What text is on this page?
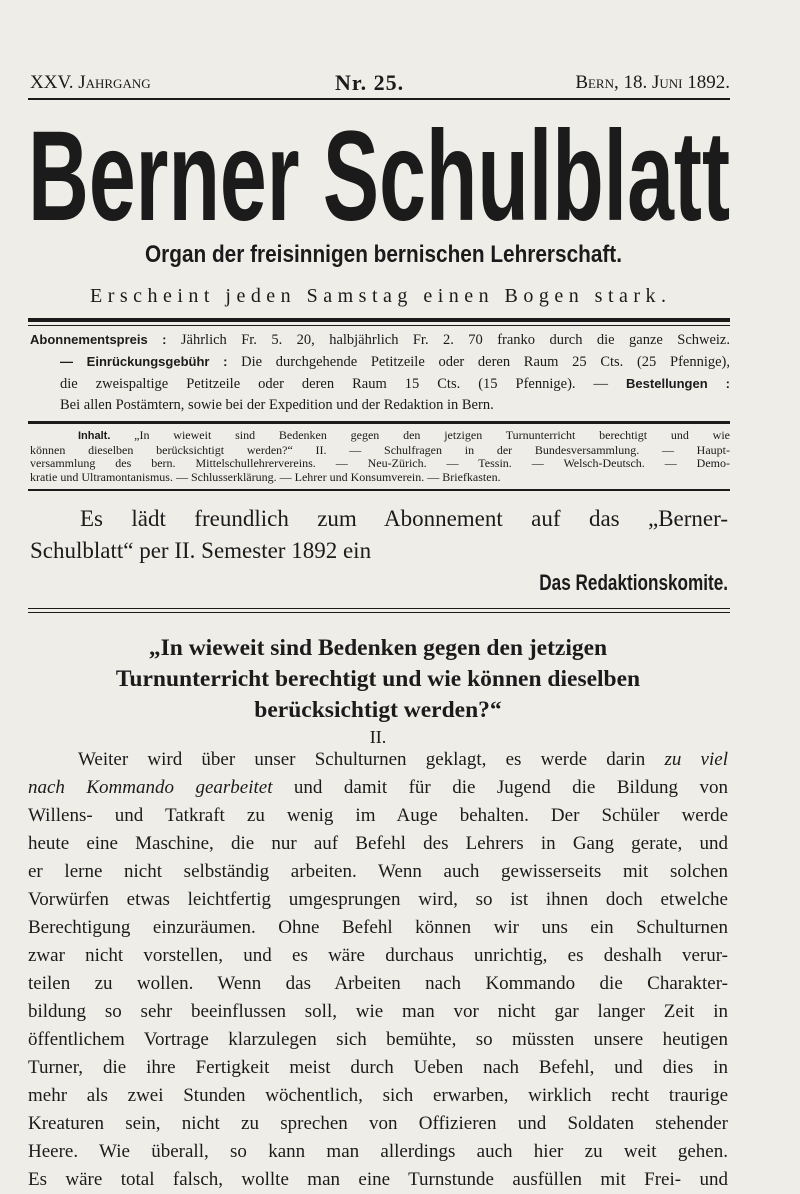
XXV. Jahrgang	Nr. 25.	Bern, 18. Juni 1892.
Berner Schulblatt
Organ der freisinnigen bernischen Lehrerschaft.
Erscheint jeden Samstag einen Bogen stark.
Abonnementspreis : Jährlich Fr. 5. 20, halbjährlich Fr. 2. 70 franko durch die ganze Schweiz.
— Einrückungsgebühr : Die durchgehende Petitzeile oder deren Raum 25 Cts. (25 Pfennige),
die zweispaltige Petitzeile oder deren Raum 15 Cts. (15 Pfennige). — Bestellungen :
Bei allen Postämtern, sowie bei der Expedition und der Redaktion in Bern.
Inhalt. „In wieweit sind Bedenken gegen den jetzigen Turnunterricht berechtigt und wie
können dieselben berücksichtigt werden?“ II. — Schulfragen in der Bundesversammlung. — Haupt-
versammlung des bern. Mittelschullehrervereins. — Neu-Zürich. — Tessin. — Welsch-Deutsch. — Demo-
kratie und Ultramontanismus. — Schlusserklärung. — Lehrer und Konsumverein. — Briefkasten.
Es lädt freundlich zum Abonnement auf das „Berner-
Schulblatt“ per II. Semester 1892 ein
Das Redaktionskomite.
„In wieweit sind Bedenken gegen den jetzigen
Turnunterricht berechtigt und wie können dieselben
berücksichtigt werden?“
II.
Weiter wird über unser Schulturnen geklagt, es werde darin zu viel
nach Kommando gearbeitet und damit für die Jugend die Bildung von
Willens- und Tatkraft zu wenig im Auge behalten. Der Schüler werde
heute eine Maschine, die nur auf Befehl des Lehrers in Gang gerate, und
er lerne nicht selbständig arbeiten. Wenn auch gewisserseits mit solchen
Vorwürfen etwas leichtfertig umgesprungen wird, so ist ihnen doch etwelche
Berechtigung einzuräumen. Ohne Befehl können wir uns ein Schulturnen
zwar nicht vorstellen, und es wäre durchaus unrichtig, es deshalh verur-
teilen zu wollen. Wenn das Arbeiten nach Kommando die Charakter-
bildung so sehr beeinflussen soll, wie man vor nicht gar langer Zeit in
öffentlichem Vortrage klarzulegen sich bemühte, so müssten unsere heutigen
Turner, die ihre Fertigkeit meist durch Ueben nach Befehl, und dies in
mehr als zwei Stunden wöchentlich, sich erwarben, wirklich recht traurige
Kreaturen sein, nicht zu sprechen von Offizieren und Soldaten stehender
Heere. Wie überall, so kann man allerdings auch hier zu weit gehen.
Es wäre total falsch, wollte man eine Turnstunde ausfüllen mit Frei- und
